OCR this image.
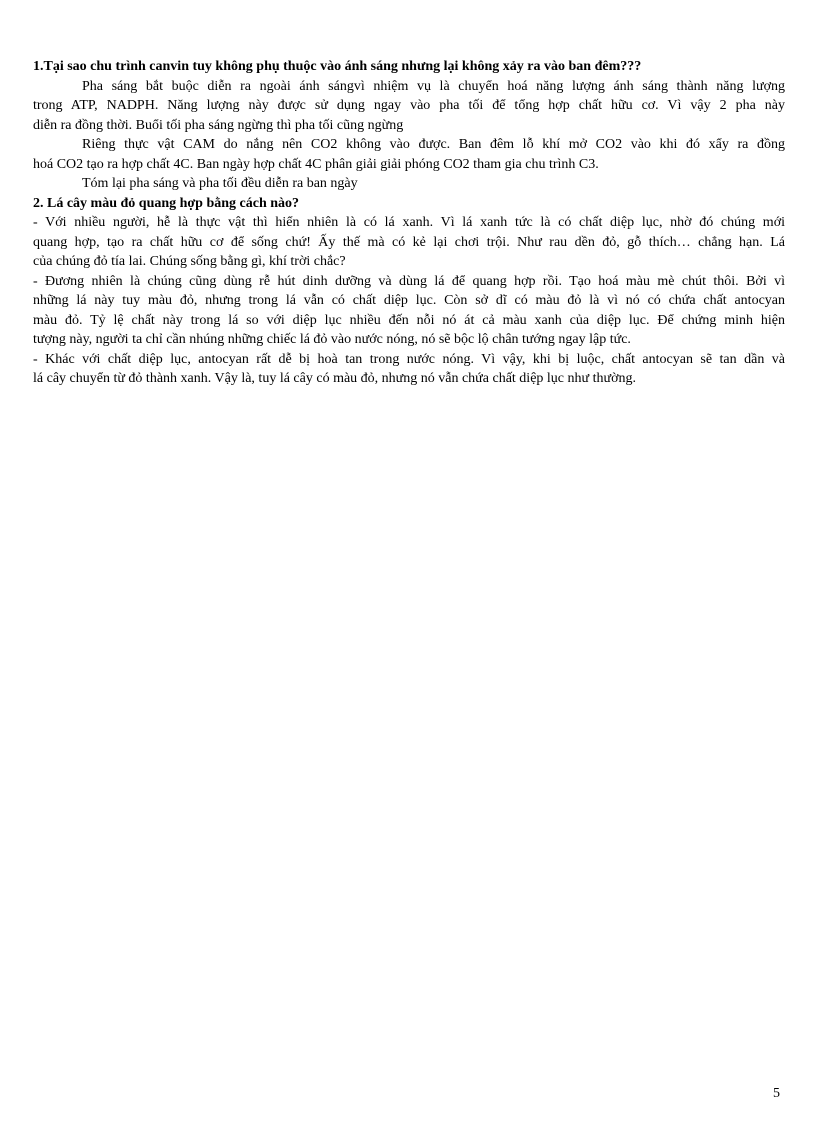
1.Tại sao chu trình canvin tuy không phụ thuộc vào ánh sáng nhưng lại không xảy ra vào ban đêm???
Pha sáng bắt buộc diễn ra ngoài ánh sángvì nhiệm vụ là chuyển hoá năng lượng ánh sáng thành năng lượng
trong ATP, NADPH. Năng lượng này được sử dụng ngay vào pha tối để tổng hợp chất hữu cơ. Vì vậy 2 pha này
diễn ra đồng thời. Buổi tối pha sáng ngừng thì pha tối cũng ngừng
Riêng thực vật CAM do nắng nên CO2 không vào được. Ban đêm lỗ khí mở CO2 vào khi đó xẩy ra đồng
hoá CO2 tạo ra hợp chất 4C. Ban ngày hợp chất 4C phân giải giải phóng CO2 tham gia chu trình C3.
Tóm lại pha sáng và pha tối đều diễn ra ban ngày
2. Lá cây màu đỏ quang hợp bằng cách nào?
- Với nhiều người, hễ là thực vật thì hiển nhiên là có lá xanh. Vì lá xanh tức là có chất diệp lục, nhờ đó chúng mới
quang hợp, tạo ra chất hữu cơ để sống chứ! Ấy thế mà có kẻ lại chơi trội. Như rau dền đỏ, gỗ thích… chẳng hạn. Lá
của chúng đỏ tía lai. Chúng sống bằng gì, khí trời chắc?
- Đương nhiên là chúng cũng dùng rễ hút dinh dưỡng và dùng lá để quang hợp rồi. Tạo hoá màu mè chút thôi. Bởi vì
những lá này tuy màu đỏ, nhưng trong lá vẫn có chất diệp lục. Còn sở dĩ có màu đỏ là vì nó có chứa chất antocyan
màu đỏ. Tỷ lệ chất này trong lá so với diệp lục nhiều đến nỗi nó át cả màu xanh của diệp lục. Để chứng minh hiện
tượng này, người ta chỉ cần nhúng những chiếc lá đỏ vào nước nóng, nó sẽ bộc lộ chân tướng ngay lập tức.
- Khác với chất diệp lục, antocyan rất dễ bị hoà tan trong nước nóng. Vì vậy, khi bị luộc, chất antocyan sẽ tan dần và
lá cây chuyển từ đỏ thành xanh. Vậy là, tuy lá cây có màu đỏ, nhưng nó vẫn chứa chất diệp lục như thường.
5
